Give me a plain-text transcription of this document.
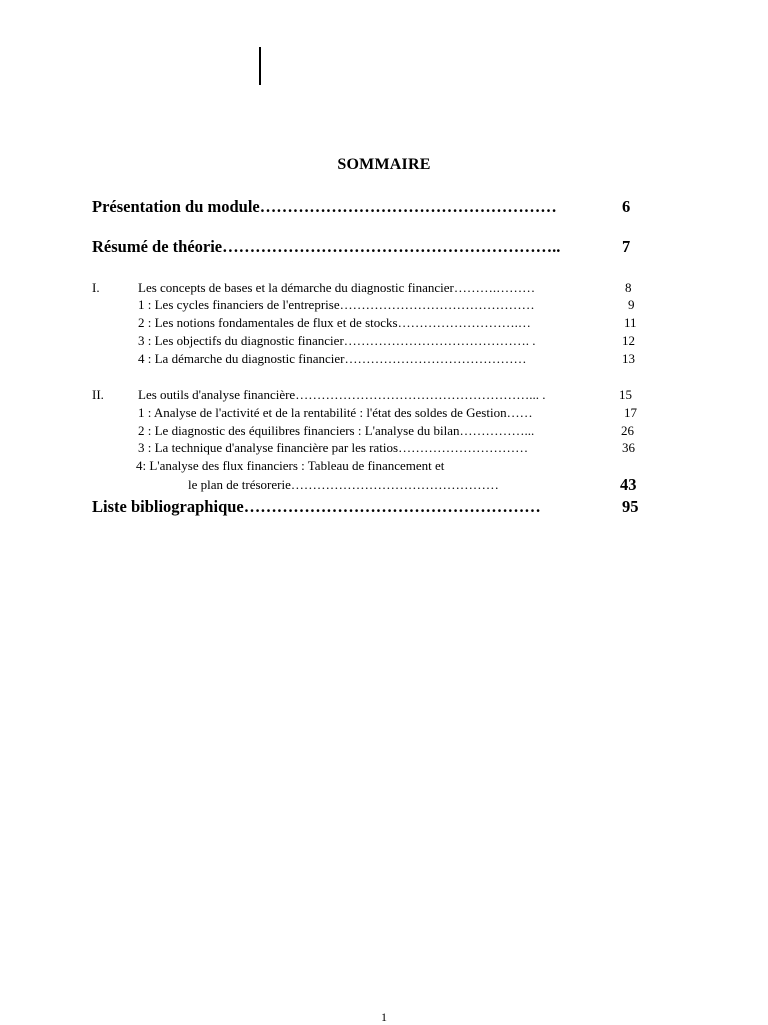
SOMMAIRE
Présentation du module………………………………………………	6
Résumé de théorie……………………………………………………..	7
I.	Les concepts de bases et la démarche du diagnostic financier……….………	8
1 : Les cycles financiers de l'entreprise………………………………………	9
2 : Les notions fondamentales de flux et de stocks……………………….…	11
3 : Les objectifs du diagnostic financier……………………………………. .	12
4 : La démarche du diagnostic financier……………………………………	13
II.	Les outils d'analyse financière………………………………………………... .	15
1 : Analyse de l'activité et de la rentabilité : l'état des soldes de Gestion……	17
2 : Le diagnostic des équilibres financiers : L'analyse du bilan……………...	26
3 : La technique d'analyse financière par les ratios…………………………	36
4: L'analyse des flux financiers : Tableau de financement et
le plan de trésorerie…………………………………………	43
Liste bibliographique………………………………………………	95
1
